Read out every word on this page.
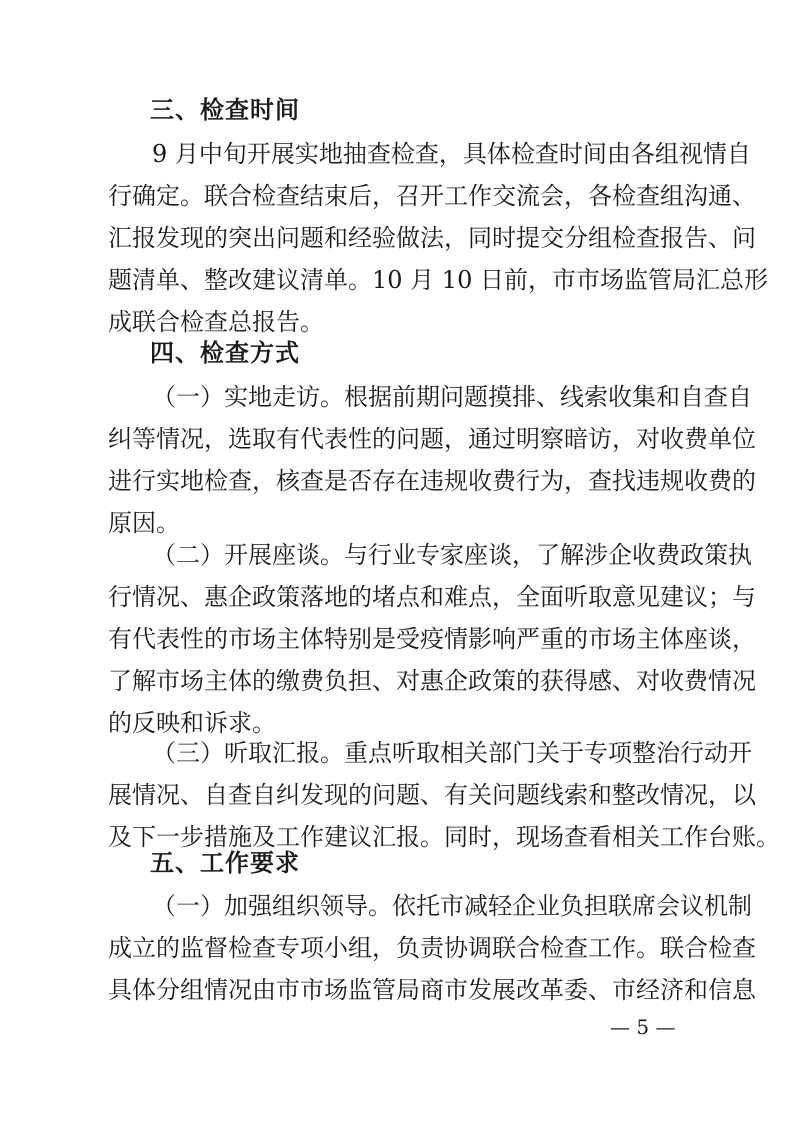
三、检查时间
9 月中旬开展实地抽查检查，具体检查时间由各组视情自
行确定。联合检查结束后，召开工作交流会，各检查组沟通、
汇报发现的突出问题和经验做法，同时提交分组检查报告、问
题清单、整改建议清单。10 月 10 日前，市市场监管局汇总形
成联合检查总报告。
四、检查方式
（一）实地走访。根据前期问题摸排、线索收集和自查自
纠等情况，选取有代表性的问题，通过明察暗访，对收费单位
进行实地检查，核查是否存在违规收费行为，查找违规收费的
原因。
（二）开展座谈。与行业专家座谈，了解涉企收费政策执
行情况、惠企政策落地的堵点和难点，全面听取意见建议；与
有代表性的市场主体特别是受疫情影响严重的市场主体座谈，
了解市场主体的缴费负担、对惠企政策的获得感、对收费情况
的反映和诉求。
（三）听取汇报。重点听取相关部门关于专项整治行动开
展情况、自查自纠发现的问题、有关问题线索和整改情况，以
及下一步措施及工作建议汇报。同时，现场查看相关工作台账。
五、工作要求
（一）加强组织领导。依托市减轻企业负担联席会议机制
成立的监督检查专项小组，负责协调联合检查工作。联合检查
具体分组情况由市市场监管局商市发展改革委、市经济和信息
— 5 —
